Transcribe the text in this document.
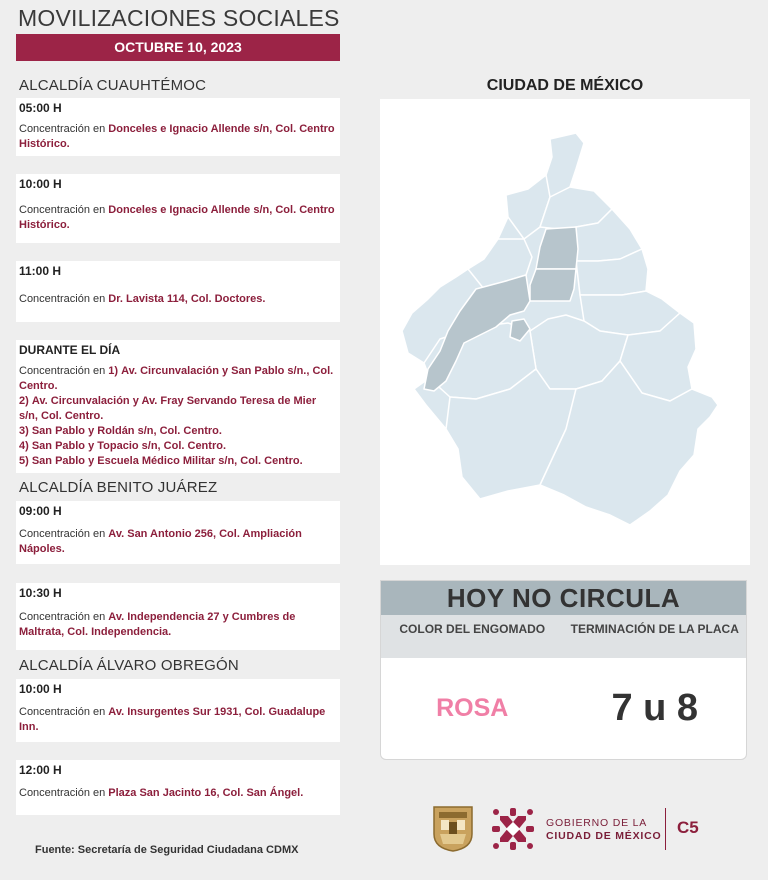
MOVILIZACIONES SOCIALES
OCTUBRE 10, 2023
ALCALDÍA CUAUHTÉMOC
05:00 H
Concentración en Donceles e Ignacio Allende s/n, Col. Centro Histórico.
10:00 H
Concentración en Donceles e Ignacio Allende s/n, Col. Centro Histórico.
11:00 H
Concentración en Dr. Lavista 114, Col. Doctores.
DURANTE EL DÍA
Concentración en 1) Av. Circunvalación y San Pablo s/n., Col. Centro.
2) Av. Circunvalación y Av. Fray Servando Teresa de Mier s/n, Col. Centro.
3) San Pablo y Roldán s/n, Col. Centro.
4) San Pablo y Topacio s/n, Col. Centro.
5) San Pablo y Escuela Médico Militar s/n, Col. Centro.
ALCALDÍA BENITO JUÁREZ
09:00 H
Concentración en Av. San Antonio 256, Col. Ampliación Nápoles.
10:30 H
Concentración en Av. Independencia 27 y Cumbres de Maltrata, Col. Independencia.
ALCALDÍA ÁLVARO OBREGÓN
10:00 H
Concentración en Av. Insurgentes Sur 1931, Col. Guadalupe Inn.
12:00 H
Concentración en Plaza San Jacinto 16, Col. San Ángel.
Fuente: Secretaría de Seguridad Ciudadana CDMX
CIUDAD DE MÉXICO
HOY NO CIRCULA
COLOR DEL ENGOMADO	TERMINACIÓN DE LA PLACA
ROSA	7 u 8
GOBIERNO DE LA
CIUDAD DE MÉXICO C5
